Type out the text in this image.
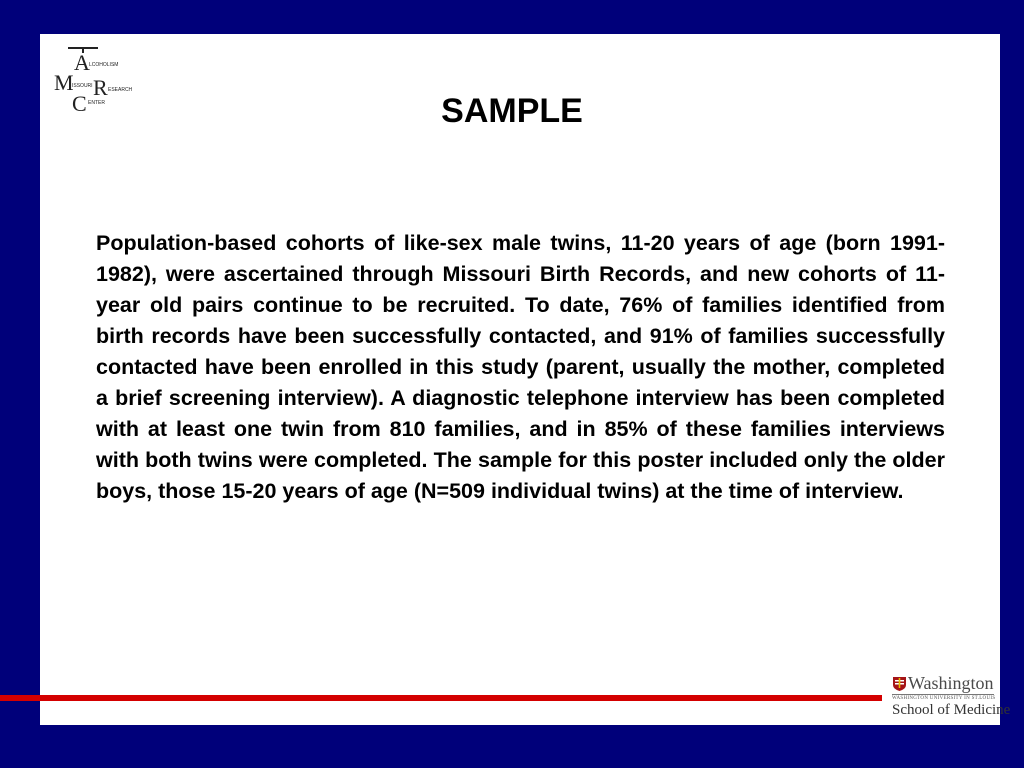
A LCOHOLISM
M
ISSOURI R ESEARCH
C ENTER	SAMPLE
Population-based cohorts of like-sex male twins, 11-20 years of age (born 1991-1982), were ascertained through Missouri Birth Records, and new cohorts of 11-year old pairs continue to be recruited. To date, 76% of families identified from birth records have been successfully contacted, and 91% of families successfully contacted have been enrolled in this study (parent, usually the mother, completed a brief screening interview). A diagnostic telephone interview has been completed with at least one twin from 810 families, and in 85% of these families interviews with both twins were completed. The sample for this poster included only the older boys, those 15-20 years of age (N=509 individual twins) at the time of interview.
Washington
WASHINGTON UNIVERSITY IN ST.LOUIS
School of Medicine
